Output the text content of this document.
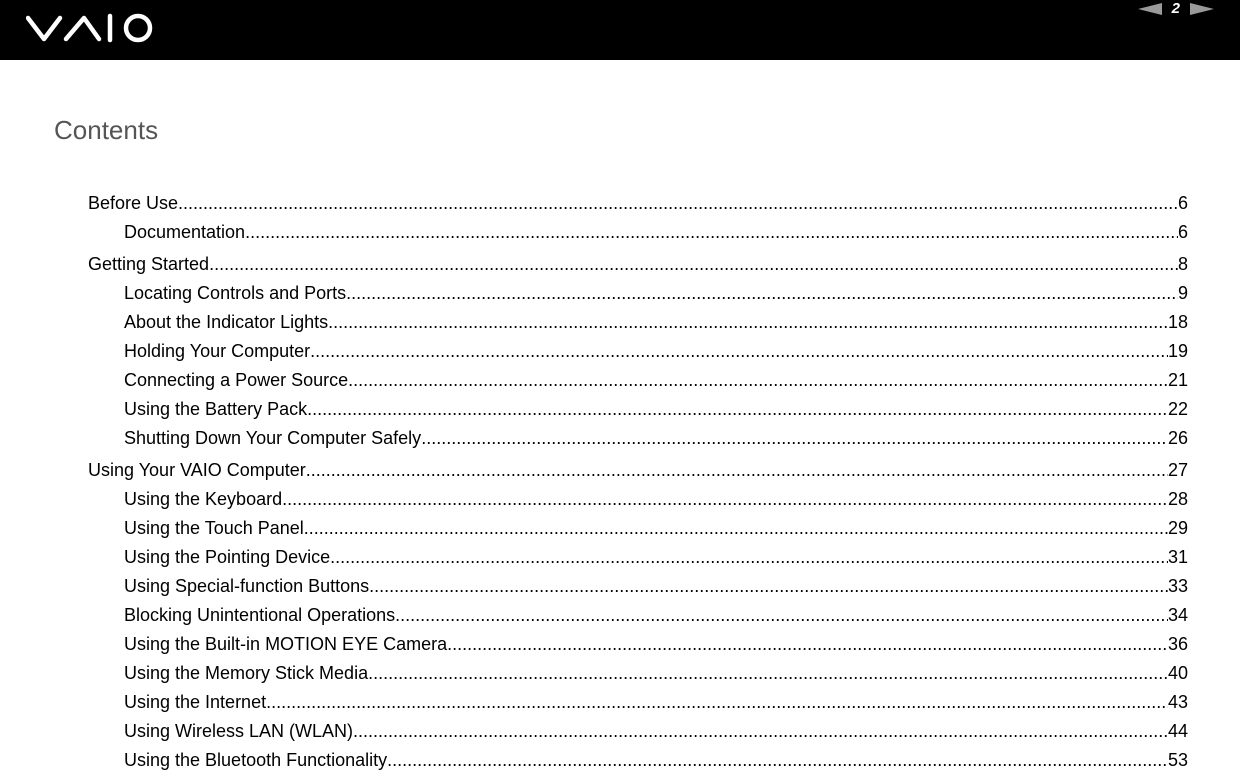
2
Contents
Before Use .....	6
Documentation .....	6
Getting Started .....	8
Locating Controls and Ports .....	9
About the Indicator Lights .....	18
Holding Your Computer .....	19
Connecting a Power Source .....	21
Using the Battery Pack .....	22
Shutting Down Your Computer Safely .....	26
Using Your VAIO Computer .....	27
Using the Keyboard .....	28
Using the Touch Panel .....	29
Using the Pointing Device .....	31
Using Special-function Buttons .....	33
Blocking Unintentional Operations .....	34
Using the Built-in MOTION EYE Camera .....	36
Using the Memory Stick Media .....	40
Using the Internet .....	43
Using Wireless LAN (WLAN) .....	44
Using the Bluetooth Functionality .....	53
